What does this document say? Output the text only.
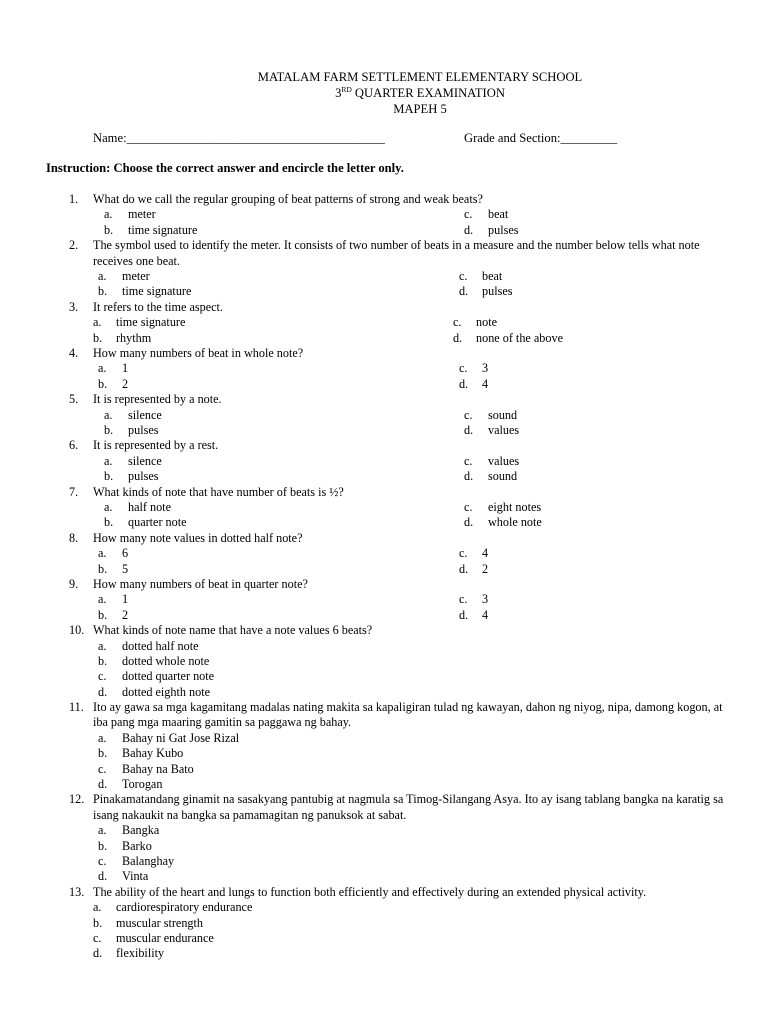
MATALAM FARM SETTLEMENT ELEMENTARY SCHOOL
3RD QUARTER EXAMINATION
MAPEH 5
Name:_________________________________________	Grade and Section:_________
Instruction: Choose the correct answer and encircle the letter only.
1. What do we call the regular grouping of beat patterns of strong and weak beats?
a. meter	c. beat
b. time signature	d. pulses
2. The symbol used to identify the meter. It consists of two number of beats in a measure and the number below tells what note receives one beat.
a. meter	c. beat
b. time signature	d. pulses
3. It refers to the time aspect.
a. time signature	c. note
b. rhythm	d. none of the above
4. How many numbers of beat in whole note?
a. 1	c. 3
b. 2	d. 4
5. It is represented by a note.
a. silence	c. sound
b. pulses	d. values
6. It is represented by a rest.
a. silence	c. values
b. pulses	d. sound
7. What kinds of note that have number of beats is ½?
a. half note	c. eight notes
b. quarter note	d. whole note
8. How many note values in dotted half note?
a. 6	c. 4
b. 5	d. 2
9. How many numbers of beat in quarter note?
a. 1	c. 3
b. 2	d. 4
10. What kinds of note name that have a note values 6 beats?
a. dotted half note
b. dotted whole note
c. dotted quarter note
d. dotted eighth note
11. Ito ay gawa sa mga kagamitang madalas nating makita sa kapaligiran tulad ng kawayan, dahon ng niyog, nipa, damong kogon, at iba pang mga maaring gamitin sa paggawa ng bahay.
a. Bahay ni Gat Jose Rizal
b. Bahay Kubo
c. Bahay na Bato
d. Torogan
12. Pinakamatandang ginamit na sasakyang pantubig at nagmula sa Timog-Silangang Asya. Ito ay isang tablang bangka na karatig sa isang nakaukit na bangka sa pamamagitan ng panuksok at sabat.
a. Bangka
b. Barko
c. Balanghay
d. Vinta
13. The ability of the heart and lungs to function both efficiently and effectively during an extended physical activity.
a. cardiorespiratory endurance
b. muscular strength
c. muscular endurance
d. flexibility
